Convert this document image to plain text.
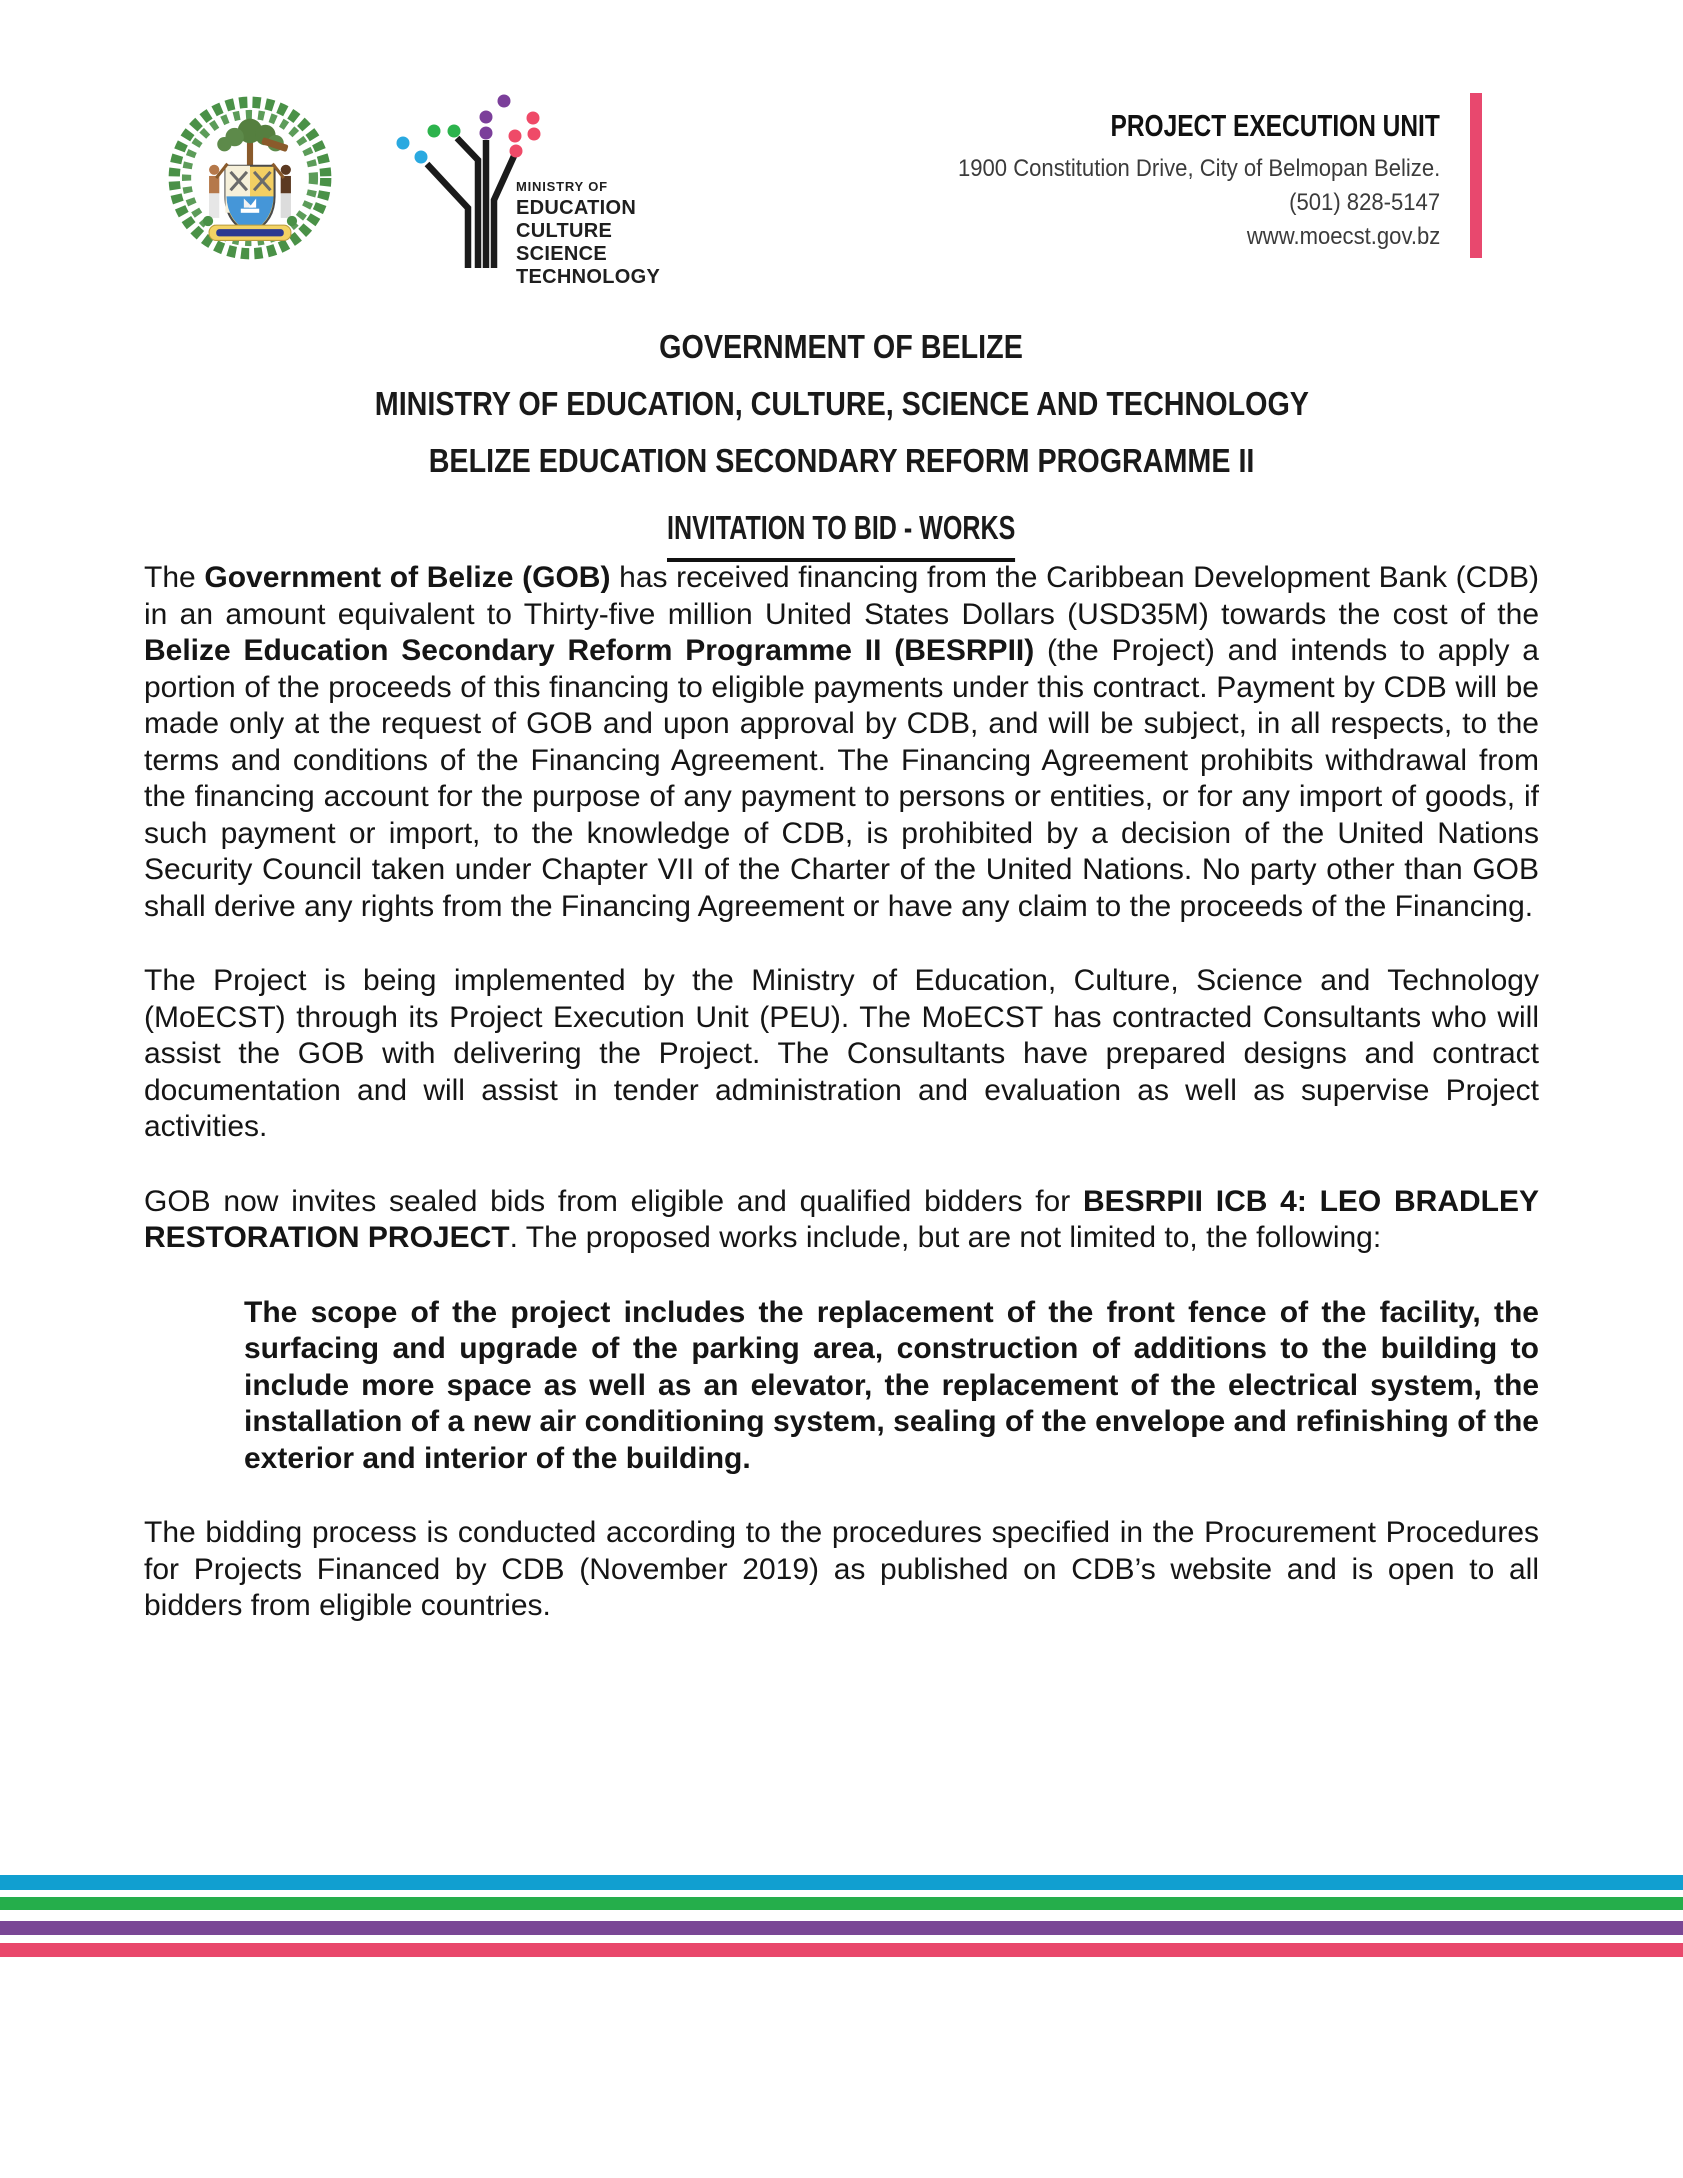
MINISTRY OF
EDUCATION
CULTURE
SCIENCE
TECHNOLOGY
PROJECT EXECUTION UNIT
1900 Constitution Drive, City of Belmopan Belize.
(501) 828-5147
www.moecst.gov.bz
GOVERNMENT OF BELIZE
MINISTRY OF EDUCATION, CULTURE, SCIENCE AND TECHNOLOGY
BELIZE EDUCATION SECONDARY REFORM PROGRAMME II
INVITATION TO BID - WORKS

The Government of Belize (GOB) has received financing from the Caribbean Development Bank (CDB) in an amount equivalent to Thirty-five million United States Dollars (USD35M) towards the cost of the Belize Education Secondary Reform Programme II (BESRPII) (the Project) and intends to apply a portion of the proceeds of this financing to eligible payments under this contract. Payment by CDB will be made only at the request of GOB and upon approval by CDB, and will be subject, in all respects, to the terms and conditions of the Financing Agreement. The Financing Agreement prohibits withdrawal from the financing account for the purpose of any payment to persons or entities, or for any import of goods, if such payment or import, to the knowledge of CDB, is prohibited by a decision of the United Nations Security Council taken under Chapter VII of the Charter of the United Nations. No party other than GOB shall derive any rights from the Financing Agreement or have any claim to the proceeds of the Financing.

The Project is being implemented by the Ministry of Education, Culture, Science and Technology (MoECST) through its Project Execution Unit (PEU). The MoECST has contracted Consultants who will assist the GOB with delivering the Project. The Consultants have prepared designs and contract documentation and will assist in tender administration and evaluation as well as supervise Project activities.

GOB now invites sealed bids from eligible and qualified bidders for BESRPII ICB 4: LEO BRADLEY RESTORATION PROJECT. The proposed works include, but are not limited to, the following:

The scope of the project includes the replacement of the front fence of the facility, the surfacing and upgrade of the parking area, construction of additions to the building to include more space as well as an elevator, the replacement of the electrical system, the installation of a new air conditioning system, sealing of the envelope and refinishing of the exterior and interior of the building.

The bidding process is conducted according to the procedures specified in the Procurement Procedures for Projects Financed by CDB (November 2019) as published on CDB’s website and is open to all bidders from eligible countries.
